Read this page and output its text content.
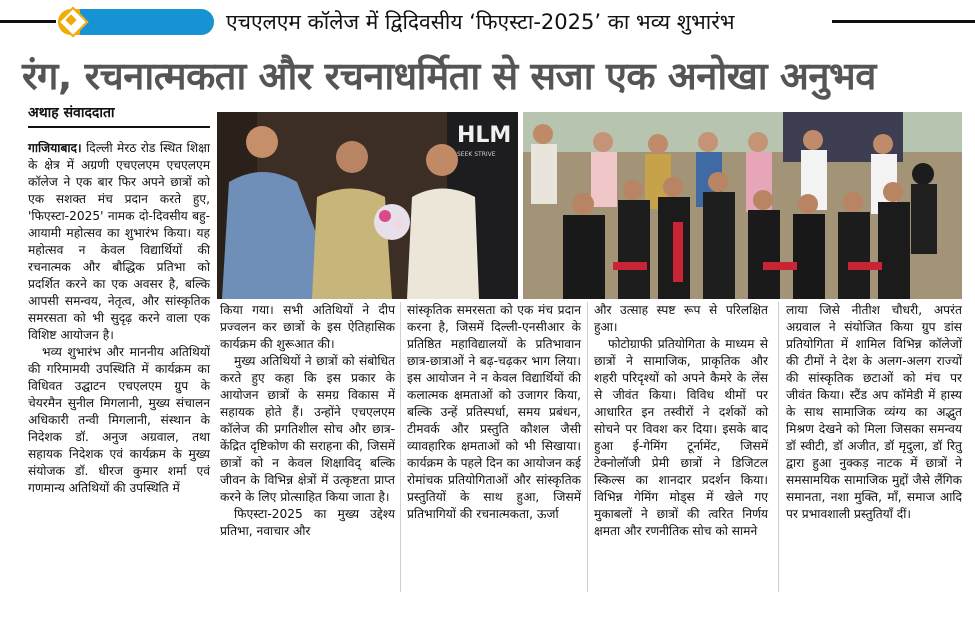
एचएलएम कॉलेज में द्विदिवसीय ‘फिएस्टा-2025’ का भव्य शुभारंभ
रंग, रचनात्मकता और रचनाधर्मिता से सजा एक अनोखा अनुभव
अथाह संवाददाता
HLM
SEEK STRIVE

गाजियाबाद। दिल्ली मेरठ रोड स्थित शिक्षा के क्षेत्र में अग्रणी एचएलएम एचएलएम कॉलेज ने एक बार फिर अपने छात्रों को एक सशक्त मंच प्रदान करते हुए, 'फिएस्टा-2025' नामक दो-दिवसीय बहु-आयामी महोत्सव का शुभारंभ किया। यह महोत्सव न केवल विद्यार्थियों की रचनात्मक और बौद्धिक प्रतिभा को प्रदर्शित करने का एक अवसर है, बल्कि आपसी समन्वय, नेतृत्व, और सांस्कृतिक समरसता को भी सुदृढ़ करने वाला एक विशिष्ट आयोजन है।

भव्य शुभारंभ और माननीय अतिथियों की गरिमामयी उपस्थिति में कार्यक्रम का विधिवत उद्घाटन एचएलएम ग्रुप के चेयरमैन सुनील मिगलानी, मुख्य संचालन अधिकारी तन्वी मिगलानी, संस्थान के निदेशक डॉ. अनुज अग्रवाल, तथा सहायक निदेशक एवं कार्यक्रम के मुख्य संयोजक डॉ. धीरज कुमार शर्मा एवं गणमान्य अतिथियों की उपस्थिति में

किया गया। सभी अतिथियों ने दीप प्रज्वलन कर छात्रों के इस ऐतिहासिक कार्यक्रम की शुरूआत की।

मुख्य अतिथियों ने छात्रों को संबोधित करते हुए कहा कि इस प्रकार के आयोजन छात्रों के समग्र विकास में सहायक होते हैं। उन्होंने एचएलएम कॉलेज की प्रगतिशील सोच और छात्र-केंद्रित दृष्टिकोण की सराहना की, जिसमें छात्रों को न केवल शिक्षाविद् बल्कि जीवन के विभिन्न क्षेत्रों में उत्कृष्टता प्राप्त करने के लिए प्रोत्साहित किया जाता है।

फिएस्टा-2025 का मुख्य उद्देश्य प्रतिभा, नवाचार और

सांस्कृतिक समरसता को एक मंच प्रदान करना है, जिसमें दिल्ली-एनसीआर के प्रतिष्ठित महाविद्यालयों के प्रतिभावान छात्र-छात्राओं ने बढ़-चढ़कर भाग लिया। इस आयोजन ने न केवल विद्यार्थियों की कलात्मक क्षमताओं को उजागर किया, बल्कि उन्हें प्रतिस्पर्धा, समय प्रबंधन, टीमवर्क और प्रस्तुति कौशल जैसी व्यावहारिक क्षमताओं को भी सिखाया। कार्यक्रम के पहले दिन का आयोजन कई रोमांचक प्रतियोगिताओं और सांस्कृतिक प्रस्तुतियों के साथ हुआ, जिसमें प्रतिभागियों की रचनात्मकता, ऊर्जा

और उत्साह स्पष्ट रूप से परिलक्षित हुआ।

फोटोग्राफी प्रतियोगिता के माध्यम से छात्रों ने सामाजिक, प्राकृतिक और शहरी परिदृश्यों को अपने कैमरे के लेंस से जीवंत किया। विविध थीमों पर आधारित इन तस्वीरों ने दर्शकों को सोचने पर विवश कर दिया। इसके बाद हुआ ई-गेमिंग टूर्नामेंट, जिसमें टेक्नोलॉजी प्रेमी छात्रों ने डिजिटल स्किल्स का शानदार प्रदर्शन किया। विभिन्न गेमिंग मोड्स में खेले गए मुकाबलों ने छात्रों की त्वरित निर्णय क्षमता और रणनीतिक सोच को सामने

लाया जिसे नीतीश चौधरी, अपरंत अग्रवाल ने संयोजित किया ग्रुप डांस प्रतियोगिता में शामिल विभिन्न कॉलेजों की टीमों ने देश के अलग-अलग राज्यों की सांस्कृतिक छटाओं को मंच पर जीवंत किया। स्टैंड अप कॉमेडी में हास्य के साथ सामाजिक व्यंग्य का अद्भुत मिश्रण देखने को मिला जिसका समन्वय डॉ स्वीटी, डॉ अजीत, डॉ मृदुला, डॉ रितु द्वारा हुआ नुक्कड़ नाटक में छात्रों ने समसामयिक सामाजिक मुद्दों जैसे लैंगिक समानता, नशा मुक्ति, माँ, समाज आदि पर प्रभावशाली प्रस्तुतियाँ दीं।
